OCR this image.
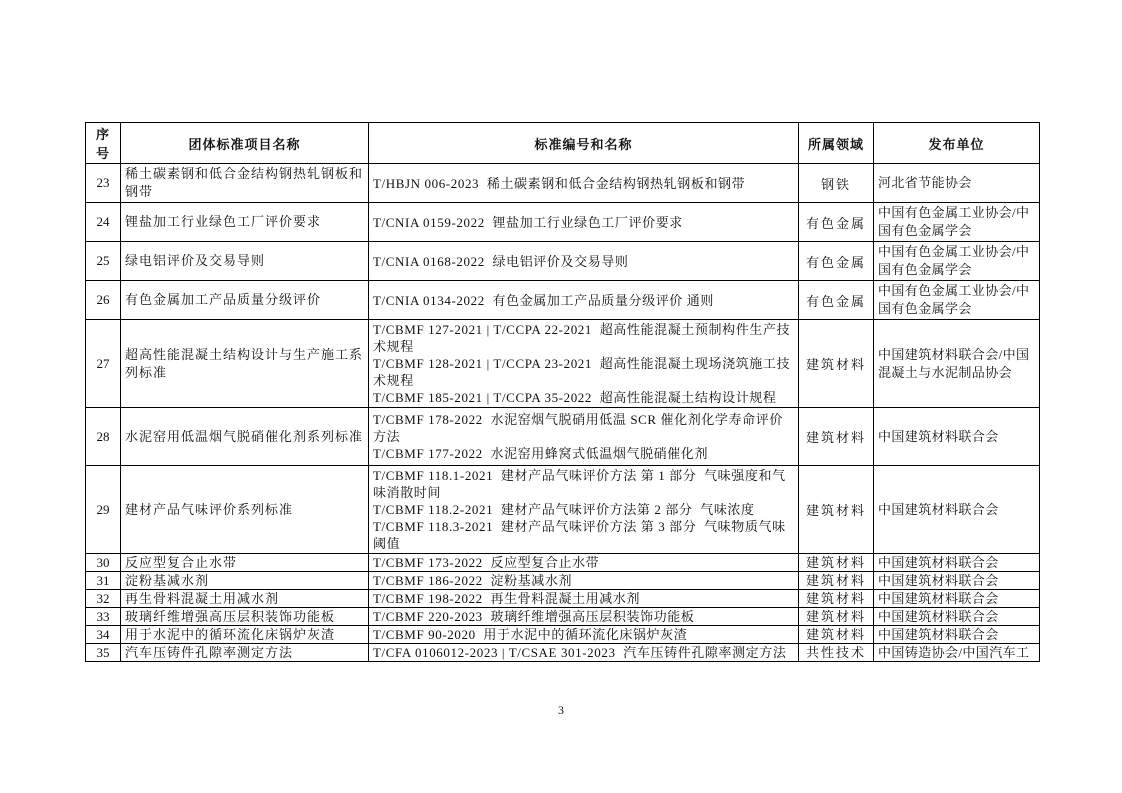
序号	团体标准项目名称	标准编号和名称	所属领域	发布单位
23	稀土碳素钢和低合金结构钢热轧钢板和钢带	T/HBJN 006-2023  稀土碳素钢和低合金结构钢热轧钢板和钢带	钢铁	河北省节能协会
24	锂盐加工行业绿色工厂评价要求	T/CNIA 0159-2022  锂盐加工行业绿色工厂评价要求	有色金属	中国有色金属工业协会/中国有色金属学会
25	绿电铝评价及交易导则	T/CNIA 0168-2022  绿电铝评价及交易导则	有色金属	中国有色金属工业协会/中国有色金属学会
26	有色金属加工产品质量分级评价	T/CNIA 0134-2022  有色金属加工产品质量分级评价 通则	有色金属	中国有色金属工业协会/中国有色金属学会
27	超高性能混凝土结构设计与生产施工系列标准	T/CBMF 127-2021 | T/CCPA 22-2021  超高性能混凝土预制构件生产技术规程
T/CBMF 128-2021 | T/CCPA 23-2021  超高性能混凝土现场浇筑施工技术规程
T/CBMF 185-2021 | T/CCPA 35-2022  超高性能混凝土结构设计规程	建筑材料	中国建筑材料联合会/中国混凝土与水泥制品协会
28	水泥窑用低温烟气脱硝催化剂系列标准	T/CBMF 178-2022  水泥窑烟气脱硝用低温 SCR 催化剂化学寿命评价方法
T/CBMF 177-2022  水泥窑用蜂窝式低温烟气脱硝催化剂	建筑材料	中国建筑材料联合会
29	建材产品气味评价系列标准	T/CBMF 118.1-2021  建材产品气味评价方法 第 1 部分  气味强度和气味消散时间
T/CBMF 118.2-2021  建材产品气味评价方法第 2 部分  气味浓度
T/CBMF 118.3-2021  建材产品气味评价方法 第 3 部分  气味物质气味阈值	建筑材料	中国建筑材料联合会
30	反应型复合止水带	T/CBMF 173-2022  反应型复合止水带	建筑材料	中国建筑材料联合会
31	淀粉基减水剂	T/CBMF 186-2022  淀粉基减水剂	建筑材料	中国建筑材料联合会
32	再生骨料混凝土用减水剂	T/CBMF 198-2022  再生骨料混凝土用减水剂	建筑材料	中国建筑材料联合会
33	玻璃纤维增强高压层积装饰功能板	T/CBMF 220-2023  玻璃纤维增强高压层积装饰功能板	建筑材料	中国建筑材料联合会
34	用于水泥中的循环流化床锅炉灰渣	T/CBMF 90-2020  用于水泥中的循环流化床锅炉灰渣	建筑材料	中国建筑材料联合会
35	汽车压铸件孔隙率测定方法	T/CFA 0106012-2023 | T/CSAE 301-2023  汽车压铸件孔隙率测定方法	共性技术	中国铸造协会/中国汽车工
3
